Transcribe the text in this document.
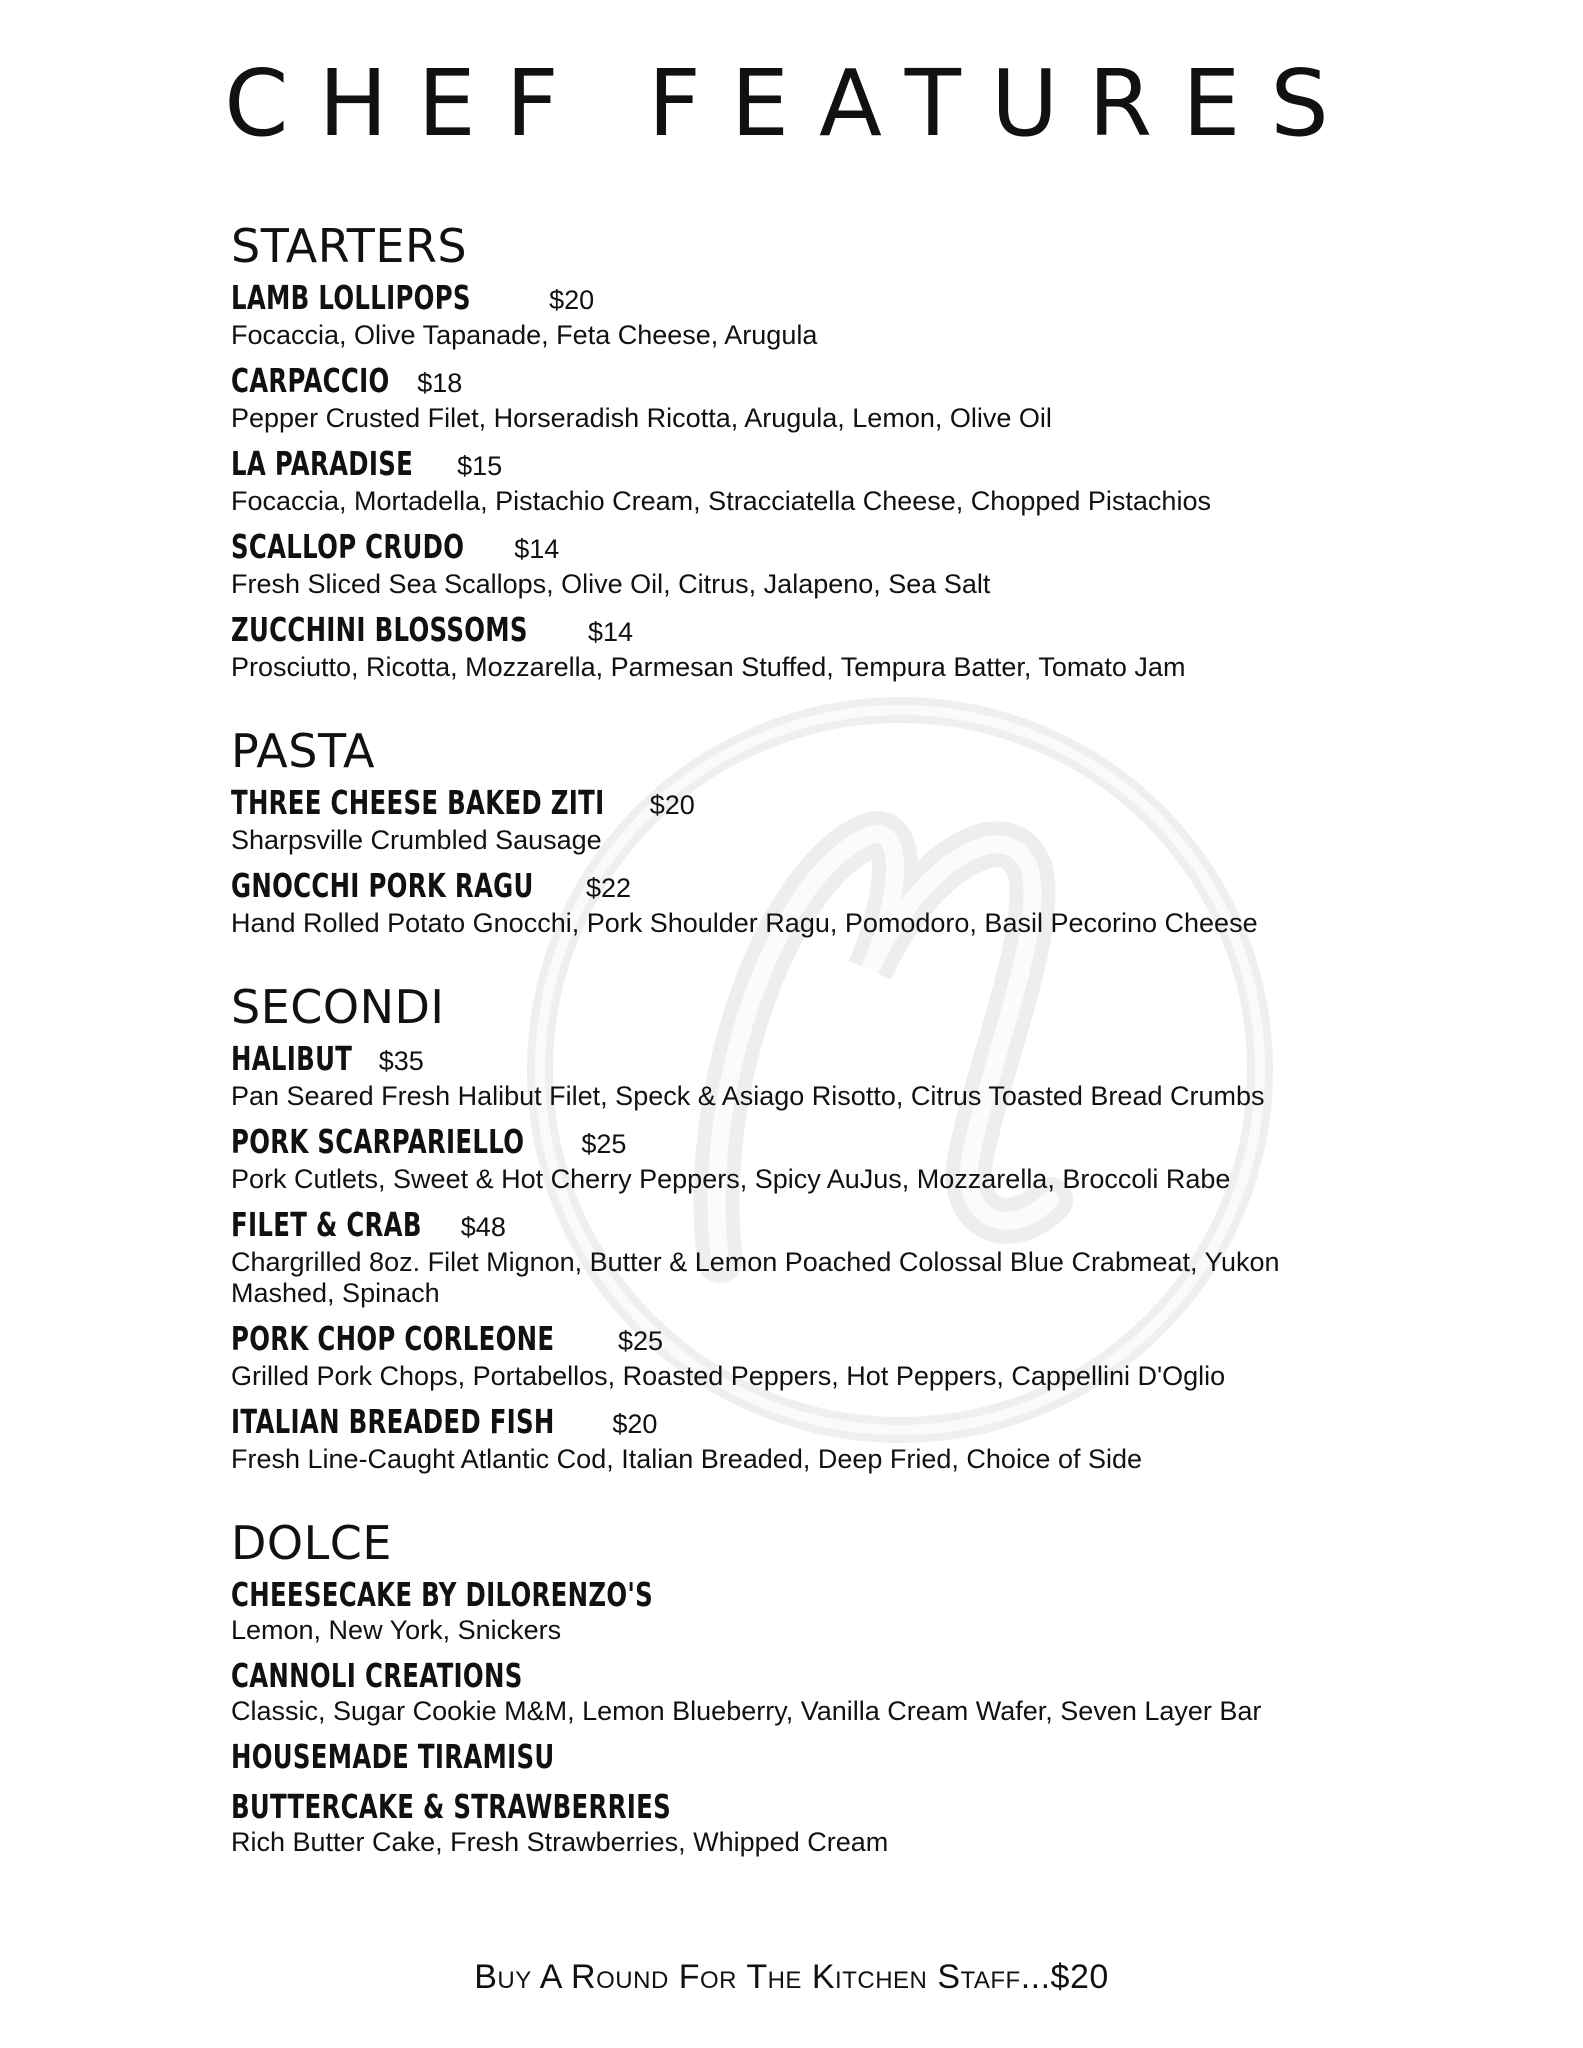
CHEF FEATURES
STARTERS
LAMB LOLLIPOPS	$20
Focaccia, Olive Tapanade, Feta Cheese, Arugula
CARPACCIO $18
Pepper Crusted Filet, Horseradish Ricotta, Arugula, Lemon, Olive Oil
LA PARADISE $15
Focaccia, Mortadella, Pistachio Cream, Stracciatella Cheese, Chopped Pistachios
SCALLOP CRUDO $14
Fresh Sliced Sea Scallops, Olive Oil, Citrus, Jalapeno, Sea Salt
ZUCCHINI BLOSSOMS $14
Prosciutto, Ricotta, Mozzarella, Parmesan Stuffed, Tempura Batter, Tomato Jam
PASTA
THREE CHEESE BAKED ZITI $20
Sharpsville Crumbled Sausage
GNOCCHI PORK RAGU $22
Hand Rolled Potato Gnocchi, Pork Shoulder Ragu, Pomodoro, Basil Pecorino Cheese
SECONDI
HALIBUT $35
Pan Seared Fresh Halibut Filet, Speck & Asiago Risotto, Citrus Toasted Bread Crumbs
PORK SCARPARIELLO $25
Pork Cutlets, Sweet & Hot Cherry Peppers, Spicy AuJus, Mozzarella, Broccoli Rabe
FILET & CRAB $48
Chargrilled 8oz. Filet Mignon, Butter & Lemon Poached Colossal Blue Crabmeat, Yukon Mashed, Spinach
PORK CHOP CORLEONE $25
Grilled Pork Chops, Portabellos, Roasted Peppers, Hot Peppers, Cappellini D'Oglio
ITALIAN BREADED FISH $20
Fresh Line-Caught Atlantic Cod, Italian Breaded, Deep Fried, Choice of Side
DOLCE
CHEESECAKE BY DILORENZO'S
Lemon, New York, Snickers
CANNOLI CREATIONS
Classic, Sugar Cookie M&M, Lemon Blueberry, Vanilla Cream Wafer, Seven Layer Bar
HOUSEMADE TIRAMISU
BUTTERCAKE & STRAWBERRIES
Rich Butter Cake, Fresh Strawberries, Whipped Cream
Buy A Round For The Kitchen Staff...$20
